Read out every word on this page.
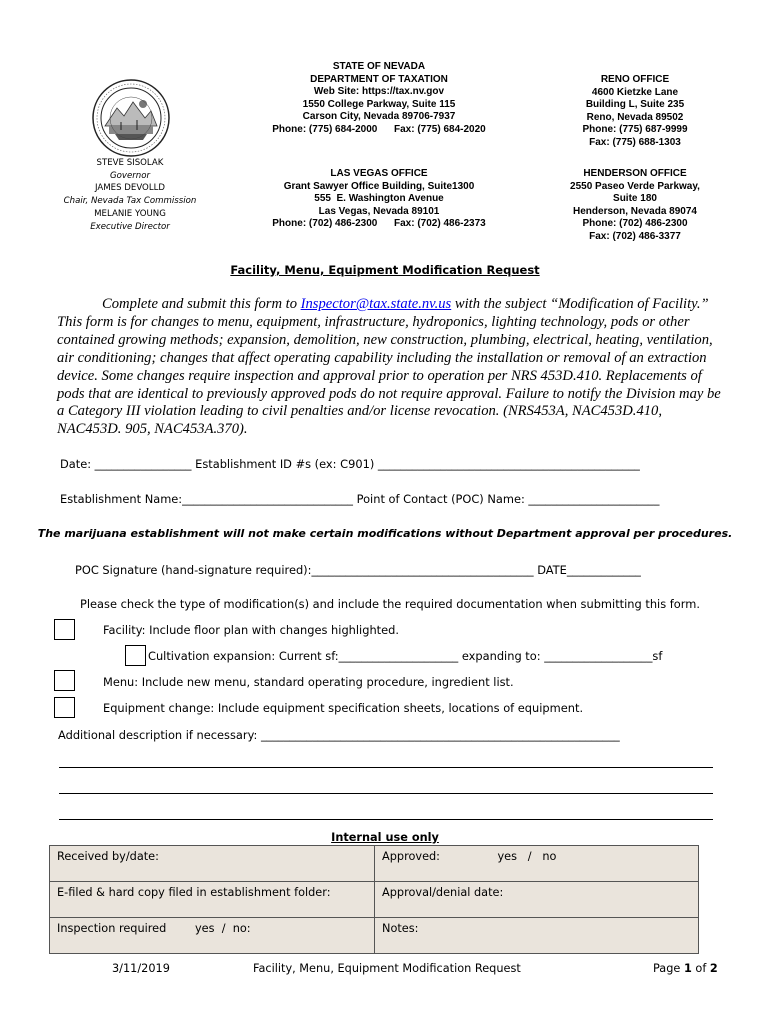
STATE OF NEVADA
DEPARTMENT OF TAXATION
Web Site: https://tax.nv.gov
1550 College Parkway, Suite 115
Carson City, Nevada 89706-7937
Phone: (775) 684-2000      Fax: (775) 684-2020
RENO OFFICE
4600 Kietzke Lane
Building L, Suite 235
Reno, Nevada 89502
Phone: (775) 687-9999
Fax: (775) 688-1303
STEVE SISOLAK
Governor
JAMES DEVOLLD
Chair, Nevada Tax Commission
MELANIE YOUNG
Executive Director
LAS VEGAS OFFICE
Grant Sawyer Office Building, Suite1300
555  E. Washington Avenue
Las Vegas, Nevada 89101
Phone: (702) 486-2300      Fax: (702) 486-2373
HENDERSON OFFICE
2550 Paseo Verde Parkway,
Suite 180
Henderson, Nevada 89074
Phone: (702) 486-2300
Fax: (702) 486-3377
Facility, Menu, Equipment Modification Request
Complete and submit this form to Inspector@tax.state.nv.us with the subject “Modification of Facility.” This form is for changes to menu, equipment, infrastructure, hydroponics, lighting technology, pods or other contained growing methods; expansion, demolition, new construction, plumbing, electrical, heating, ventilation, air conditioning; changes that affect operating capability including the installation or removal of an extraction device. Some changes require inspection and approval prior to operation per NRS 453D.410. Replacements of pods that are identical to previously approved pods do not require approval. Failure to notify the Division may be a Category III violation leading to civil penalties and/or license revocation. (NRS453A, NAC453D.410, NAC453D. 905, NAC453A.370).
Date: _________________ Establishment ID #s (ex: C901) ______________________________________________
Establishment Name:______________________________ Point of Contact (POC) Name: _______________________
The marijuana establishment will not make certain modifications without Department approval per procedures.
POC Signature (hand-signature required):_______________________________________ DATE_____________
Please check the type of modification(s) and include the required documentation when submitting this form.
Facility: Include floor plan with changes highlighted.
Cultivation expansion: Current sf:_____________________ expanding to: ___________________sf
Menu: Include new menu, standard operating procedure, ingredient list.
Equipment change: Include equipment specification sheets, locations of equipment.
Additional description if necessary: _______________________________________________________________
Internal use only
Received by/date:	Approved:                yes   /   no
E-filed & hard copy filed in establishment folder:	Approval/denial date:
Inspection required        yes  /  no:	Notes:
3/11/2019	Facility, Menu, Equipment Modification Request	Page 1 of 2
